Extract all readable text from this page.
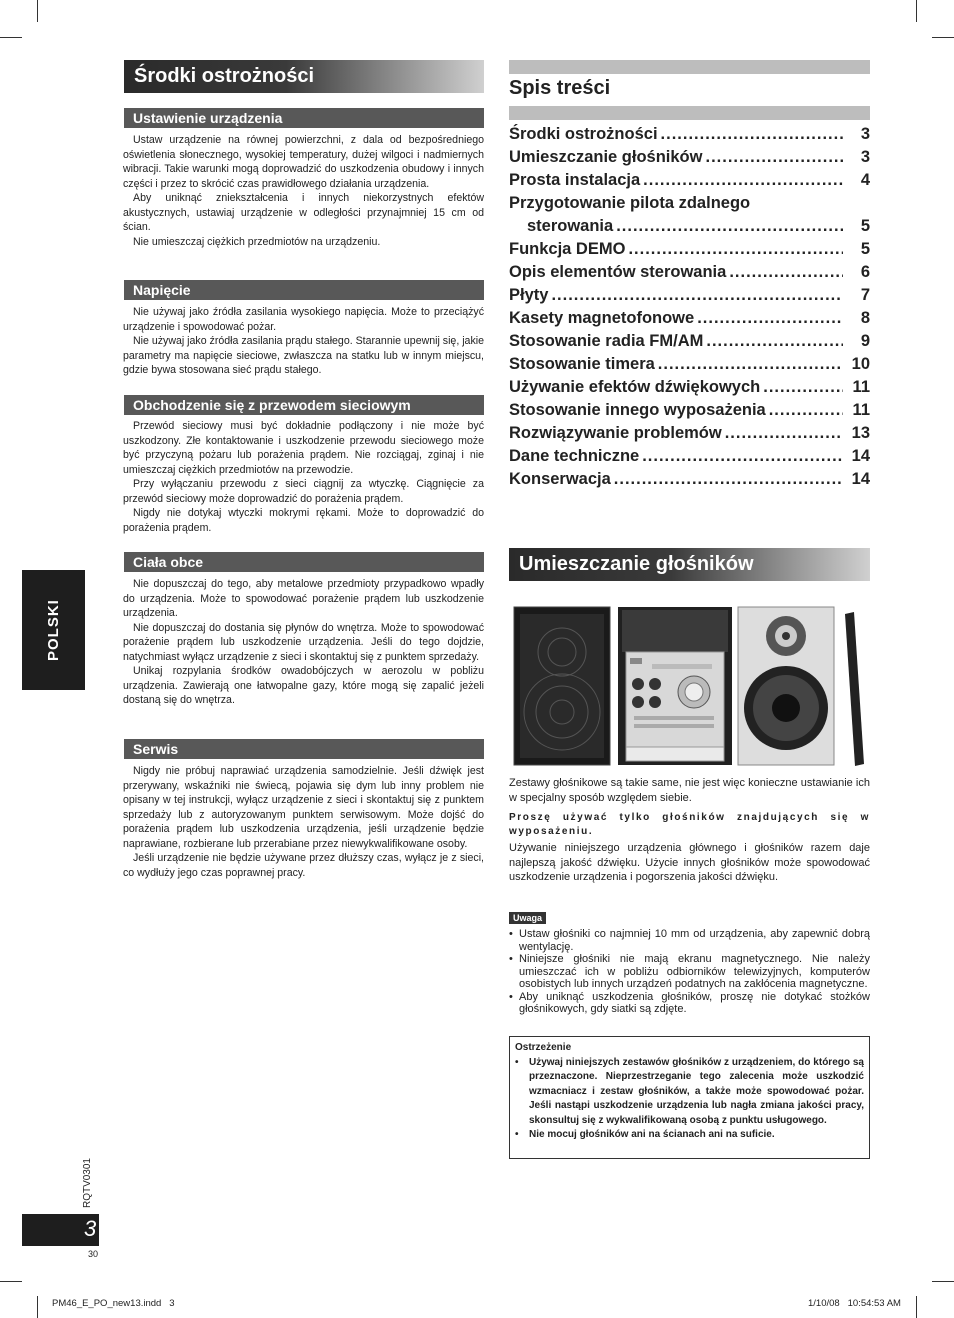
POLSKI
RQTV0301
3
30
PM46_E_PO_new13.indd   3	1/10/08   10:54:53 AM
Środki ostrożności
Ustawienie urządzenia

Ustaw urządzenie na równej powierzchni, z dala od bezpośredniego oświetlenia słonecznego, wysokiej temperatury, dużej wilgoci i nadmiernych wibracji. Takie warunki mogą doprowadzić do uszkodzenia obudowy i innych części i przez to skrócić czas prawidłowego działania urządzenia.

Aby uniknąć zniekształcenia i innych niekorzystnych efektów akustycznych, ustawiaj urządzenie w odległości przynajmniej 15 cm od ścian.

Nie umieszczaj ciężkich przedmiotów na urządzeniu.

Napięcie

Nie używaj jako źródła zasilania wysokiego napięcia. Może to przeciążyć urządzenie i spowodować pożar.

Nie używaj jako źródła zasilania prądu stałego. Starannie upewnij się, jakie parametry ma napięcie sieciowe, zwłaszcza na statku lub w innym miejscu, gdzie bywa stosowana sieć prądu stałego.

Obchodzenie się z przewodem sieciowym

Przewód sieciowy musi być dokładnie podłączony i nie może być uszkodzony. Złe kontaktowanie i uszkodzenie przewodu sieciowego może być przyczyną pożaru lub porażenia prądem. Nie rozciągaj, zginaj i nie umieszczaj ciężkich przedmiotów na przewodzie.

Przy wyłączaniu przewodu z sieci ciągnij za wtyczkę. Ciągnięcie za przewód sieciowy może doprowadzić do porażenia prądem.

Nigdy nie dotykaj wtyczki mokrymi rękami. Może to doprowadzić do porażenia prądem.

Ciała obce

Nie dopuszczaj do tego, aby metalowe przedmioty przypadkowo wpadły do urządzenia. Może to spowodować porażenie prądem lub uszkodzenie urządzenia.

Nie dopuszczaj do dostania się płynów do wnętrza. Może to spowodować porażenie prądem lub uszkodzenie urządzenia. Jeśli do tego dojdzie, natychmiast wyłącz urządzenie z sieci i skontaktuj się z punktem sprzedaży.

Unikaj rozpylania środków owadobójczych w aerozolu w pobliżu urządzenia. Zawierają one łatwopalne gazy, które mogą się zapalić jeżeli dostaną się do wnętrza.

Serwis

Nigdy nie próbuj naprawiać urządzenia samodzielnie. Jeśli dźwięk jest przerywany, wskaźniki nie świecą, pojawia się dym lub inny problem nie opisany w tej instrukcji, wyłącz urządzenie z sieci i skontaktuj się z punktem sprzedaży lub z autoryzowanym punktem serwisowym. Może dojść do porażenia prądem lub uszkodzenia urządzenia, jeśli urządzenie będzie naprawiane, rozbierane lub przerabiane przez niewykwalifikowane osoby.

Jeśli urządzenie nie będzie używane przez dłuższy czas, wyłącz je z sieci, co wydłuży jego czas poprawnej pracy.

Spis treści
Środki ostrożności .....	3
Umieszczanie głośników .....	3
Prosta instalacja .....	4
Przygotowanie pilota zdalnego
sterowania .....	5
Funkcja DEMO .....	5
Opis elementów sterowania .....	6
Płyty .....	7
Kasety magnetofonowe .....	8
Stosowanie radia FM/AM .....	9
Stosowanie timera .....	10
Używanie efektów dźwiękowych .....	11
Stosowanie innego wyposażenia .....	11
Rozwiązywanie problemów .....	13
Dane techniczne .....	14
Konserwacja .....	14
Umieszczanie głośników

Zestawy głośnikowe są takie same, nie jest więc konieczne ustawianie ich w specjalny sposób względem siebie.

Proszę używać tylko głośników znajdujących się w wyposażeniu.

Używanie niniejszego urządzenia głównego i głośników razem daje najlepszą jakość dźwięku. Użycie innych głośników może spowodować uszkodzenie urządzenia i pogorszenia jakości dźwięku.

Uwaga
• Ustaw głośniki co najmniej 10 mm od urządzenia, aby zapewnić dobrą wentylację.
• Niniejsze głośniki nie mają ekranu magnetycznego. Nie należy umieszczać ich w pobliżu odbiorników telewizyjnych, komputerów osobistych lub innych urządzeń podatnych na zakłócenia magnetyczne.
• Aby uniknąć uszkodzenia głośników, proszę nie dotykać stożków głośnikowych, gdy siatki są zdjęte.
Ostrzeżenie
• Używaj niniejszych zestawów głośników z urządzeniem, do którego są przeznaczone. Nieprzestrzeganie tego zalecenia może uszkodzić wzmacniacz i zestaw głośników, a także może spowodować pożar. Jeśli nastąpi uszkodzenie urządzenia lub nagła zmiana jakości pracy, skonsultuj się z wykwalifikowaną osobą z punktu usługowego.
• Nie mocuj głośników ani na ścianach ani na suficie.
